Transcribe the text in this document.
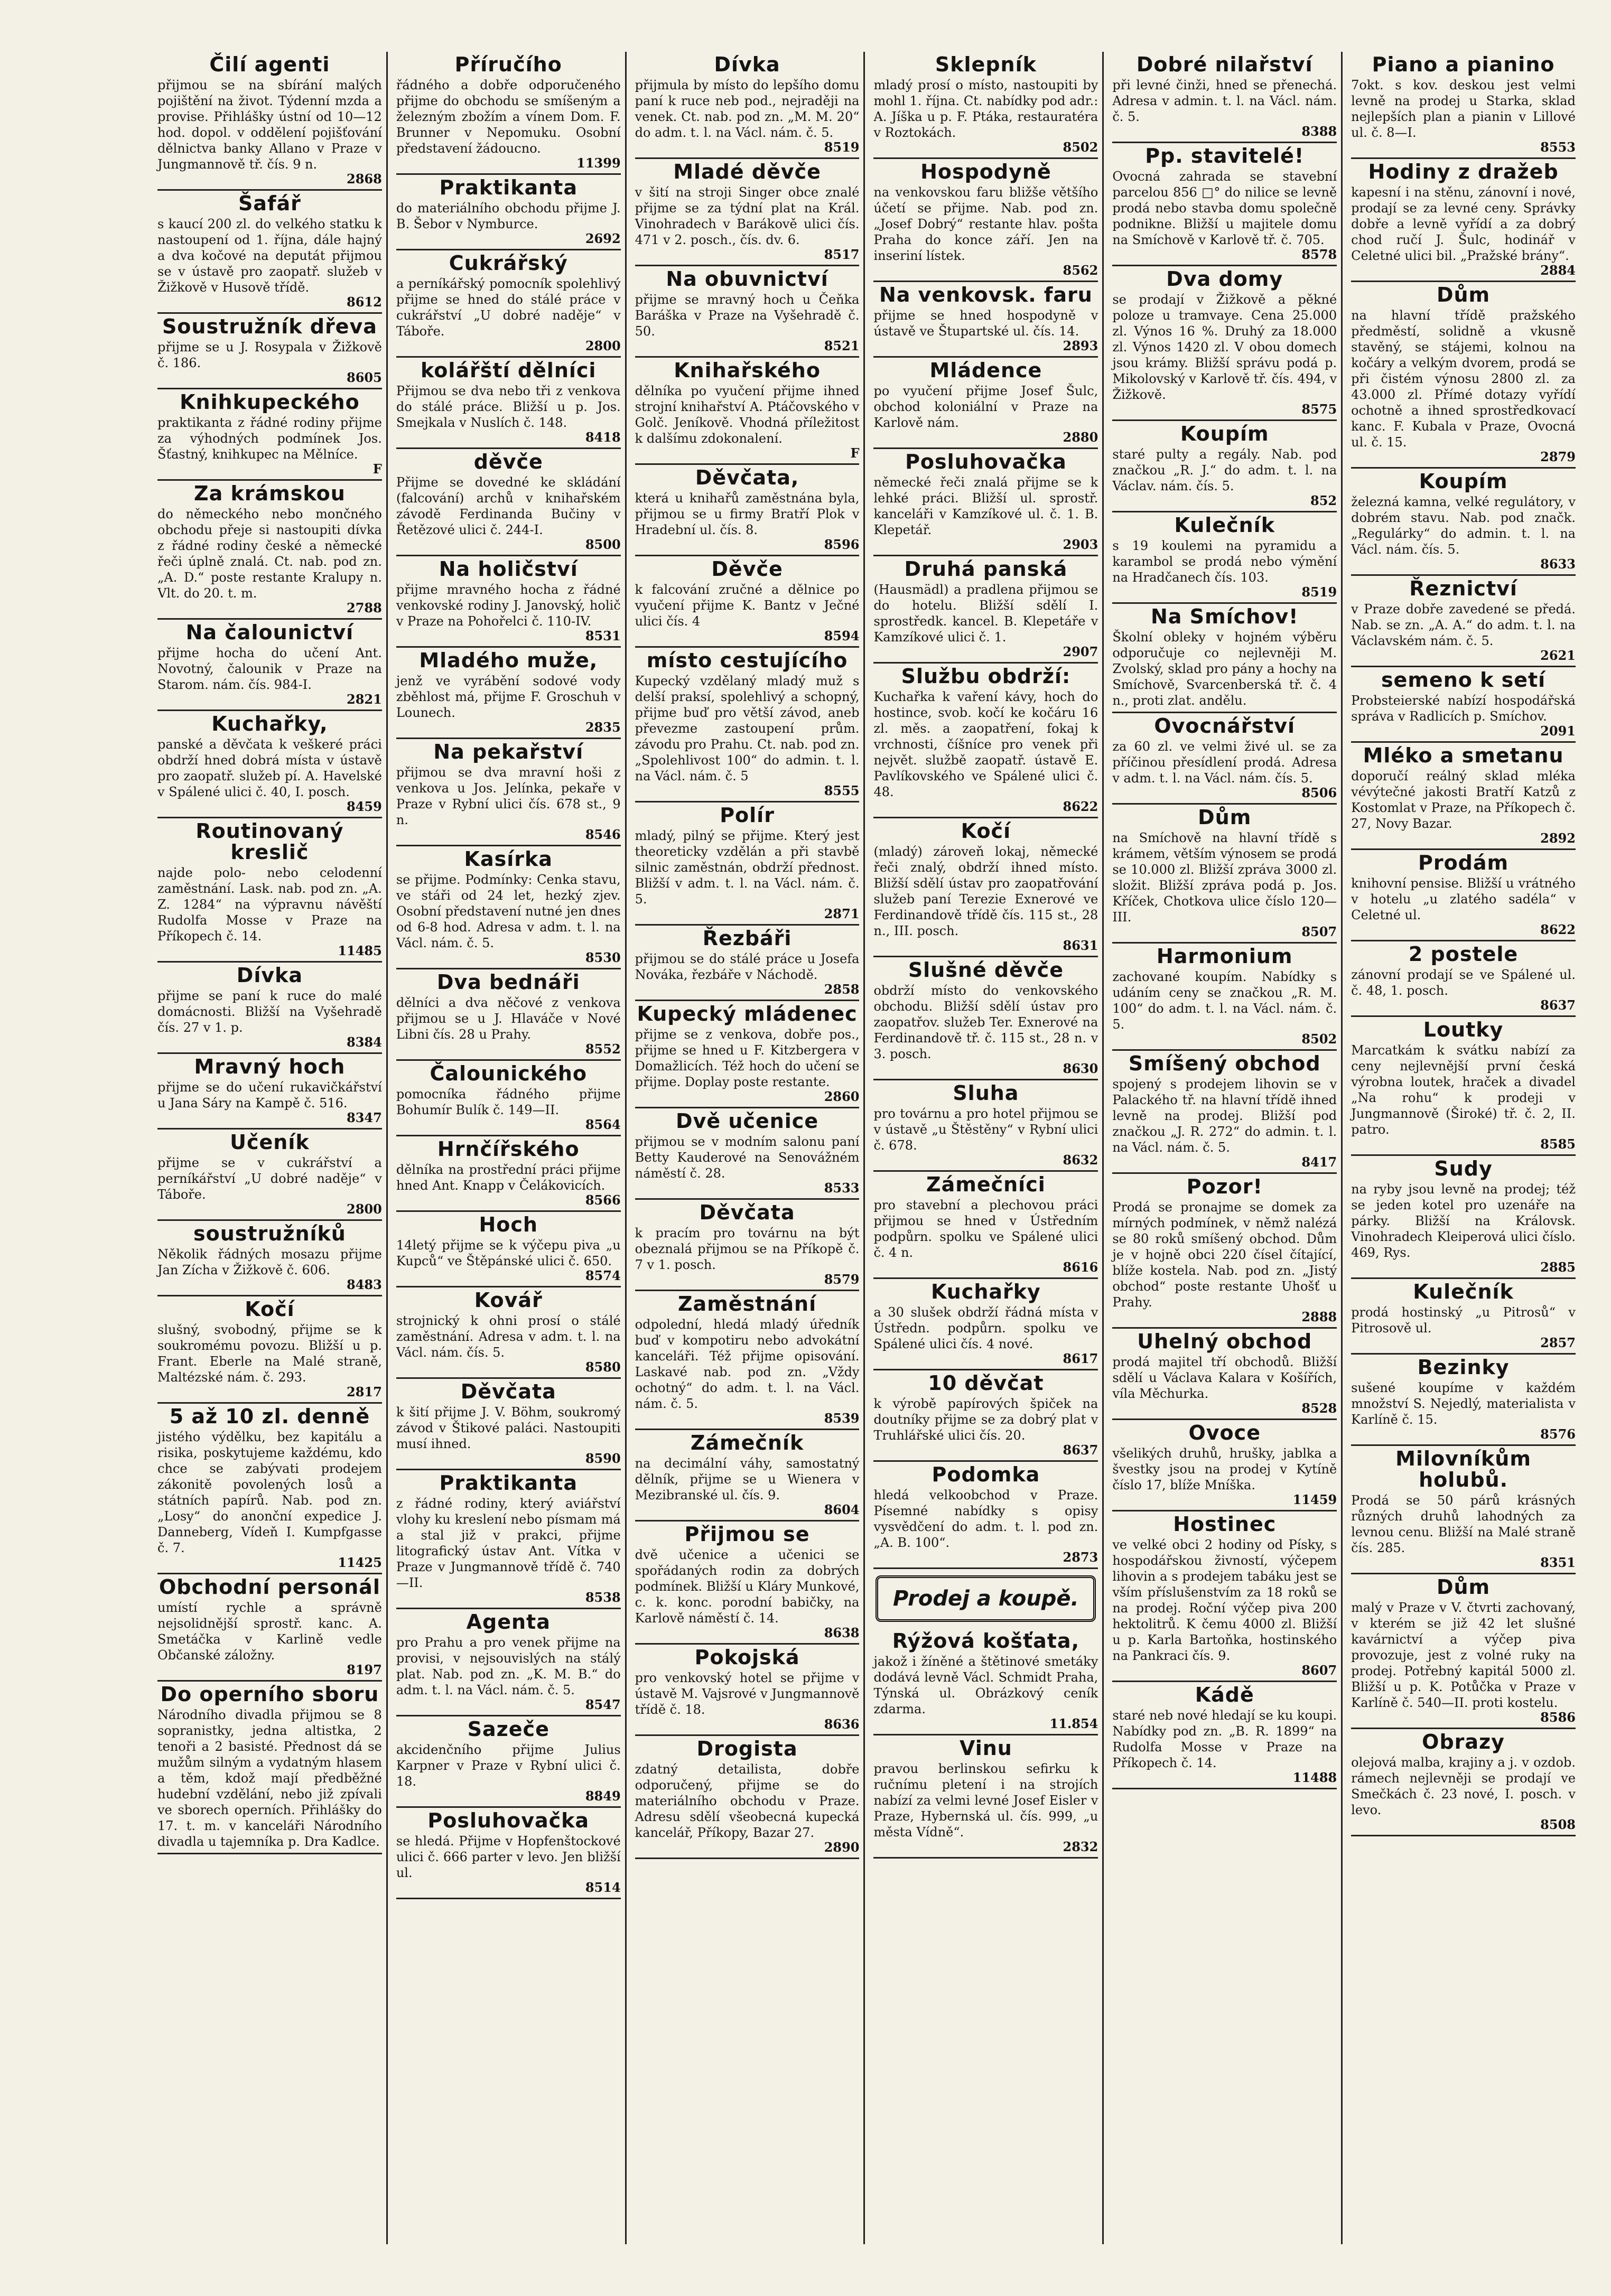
Čilí agenti

přijmou se na sbírání malých pojištění na život. Týdenní mzda a provise. Přihlášky ústní od 10—12 hod. dopol. v oddělení pojišťování dělnictva banky Allano v Praze v Jungmannově tř. čís. 9 n.

2868
Šafář

s kaucí 200 zl. do velkého statku k nastoupení od 1. října, dále hajný a dva kočové na deputát přijmou se v ústavě pro zaopatř. služeb v Žižkově v Husově třídě.

8612
Soustružník dřeva

přijme se u J. Rosypala v Žižkově č. 186.

8605
Knihkupeckého

praktikanta z řádné rodiny přijme za výhodných podmínek Jos. Šťastný, knihkupec na Mělníce.

F
Za krámskou

do německého nebo mončného obchodu přeje si nastoupiti dívka z řádné rodiny české a německé řeči úplně znalá. Ct. nab. pod zn. „A. D.“ poste restante Kralupy n. Vlt. do 20. t. m.

2788
Na čalounictví

přijme hocha do učení Ant. Novotný, čalounik v Praze na Starom. nám. čís. 984-I.

2821
Kuchařky,

panské a děvčata k veškeré práci obdrží hned dobrá místa v ústavě pro zaopatř. služeb pí. A. Havelské v Spálené ulici č. 40, I. posch.

8459
Routinovaný kreslič

najde polo- nebo celodenní zaměstnání. Lask. nab. pod zn. „A. Z. 1284“ na výpravnu návěští Rudolfa Mosse v Praze na Příkopech č. 14.

11485
Dívka

přijme se paní k ruce do malé domácnosti. Bližší na Vyšehradě čís. 27 v 1. p.

8384
Mravný hoch

přijme se do učení rukavičkářství u Jana Sáry na Kampě č. 516.

8347
Učeník

přijme se v cukrářství a perníkářství „U dobré naděje“ v Táboře.

2800
soustružníků

Několik řádných mosazu přijme Jan Zícha v Žižkově č. 606.

8483
Kočí

slušný, svobodný, přijme se k soukromému povozu. Bližší u p. Frant. Eberle na Malé straně, Maltézské nám. č. 293.

2817
5 až 10 zl. denně

jistého výdělku, bez kapitálu a risika, poskytujeme každému, kdo chce se zabývati prodejem zákonitě povolených losů a státních papírů. Nab. pod zn. „Losy“ do anonční expedice J. Danneberg, Vídeň I. Kumpfgasse č. 7.

11425
Obchodní personál

umístí rychle a správně nejsolidnější sprostř. kanc. A. Smetáčka v Karlině vedle Občanské záložny.

8197
Do operního sboru

Národního divadla přijmou se 8 sopranistky, jedna altistka, 2 tenoři a 2 basisté. Přednost dá se mužům silným a vydatným hlasem a těm, kdož mají předběžné hudební vzdělání, nebo již zpívali ve sborech operních. Přihlášky do 17. t. m. v kanceláři Národního divadla u tajemníka p. Dra Kadlce.

Příručího

řádného a dobře odporučeného přijme do obchodu se smíšeným a železným zbožím a vínem Dom. F. Brunner v Nepomuku. Osobní představení žádoucno.

11399
Praktikanta

do materiálního obchodu přijme J. B. Šebor v Nymburce.

2692
Cukrářský

a perníkářský pomocník spolehlivý přijme se hned do stálé práce v cukrářství „U dobré naděje“ v Táboře.

2800
kolářští dělníci

Přijmou se dva nebo tři z venkova do stálé práce. Bližší u p. Jos. Smejkala v Nuslích č. 148.

8418
děvče

Přijme se dovedné ke skládání (falcování) archů v knihařském závodě Ferdinanda Bučiny v Řetězové ulici č. 244-I.

8500
Na holičství

přijme mravného hocha z řádné venkovské rodiny J. Janovský, holič v Praze na Pohořelci č. 110-IV.

8531
Mladého muže,

jenž ve vyrábění sodové vody zběhlost má, přijme F. Groschuh v Lounech.

2835
Na pekařství

přijmou se dva mravní hoši z venkova u Jos. Jelínka, pekaře v Praze v Rybní ulici čís. 678 st., 9 n.

8546
Kasírka

se přijme. Podmínky: Cenka stavu, ve stáři od 24 let, hezký zjev. Osobní představení nutné jen dnes od 6-8 hod. Adresa v adm. t. l. na Václ. nám. č. 5.

8530
Dva bednáři

dělníci a dva něčové z venkova přijmou se u J. Hlaváče v Nové Libni čís. 28 u Prahy.

8552
Čalounického

pomocníka řádného přijme Bohumír Bulík č. 149—II.

8564
Hrnčířského

dělníka na prostřední práci přijme hned Ant. Knapp v Čelákovicích.

8566
Hoch

14letý přijme se k výčepu piva „u Kupců“ ve Štěpánské ulici č. 650.

8574
Kovář

strojnický k ohni prosí o stálé zaměstnání. Adresa v adm. t. l. na Václ. nám. čís. 5.

8580
Děvčata

k šití přijme J. V. Böhm, soukromý závod v Štikové paláci. Nastoupiti musí ihned.

8590
Praktikanta

z řádné rodiny, který aviářství vlohy ku kreslení nebo písmam má a stal již v prakci, přijme litografický ústav Ant. Vítka v Praze v Jungmannově třídě č. 740—II.

8538
Agenta

pro Prahu a pro venek přijme na provisi, v nejsouvislých na stálý plat. Nab. pod zn. „K. M. B.“ do adm. t. l. na Václ. nám. č. 5.

8547
Sazeče

akcidenčního přijme Julius Karpner v Praze v Rybní ulici č. 18.

8849
Posluhovačka

se hledá. Přijme v Hopfenštockové ulici č. 666 parter v levo. Jen bližší ul.

8514
Dívka

přijmula by místo do lepšího domu paní k ruce neb pod., nejraději na venek. Ct. nab. pod zn. „M. M. 20“ do adm. t. l. na Václ. nám. č. 5.

8519
Mladé děvče

v šití na stroji Singer obce znalé přijme se za týdní plat na Král. Vinohradech v Barákově ulici čís. 471 v 2. posch., čís. dv. 6.

8517
Na obuvnictví

přijme se mravný hoch u Čeňka Baráška v Praze na Vyšehradě č. 50.

8521
Knihařského

dělníka po vyučení přijme ihned strojní knihařství A. Ptáčovského v Golč. Jeníkově. Vhodná příležitost k dalšímu zdokonalení.

F
Děvčata,

která u knihařů zaměstnána byla, přijmou se u firmy Bratří Plok v Hradební ul. čís. 8.

8596
Děvče

k falcování zručné a dělnice po vyučení přijme K. Bantz v Ječné ulici čís. 4

8594
místo cestujícího

Kupecký vzdělaný mladý muž s delší praksí, spolehlivý a schopný, přijme buď pro větší závod, aneb převezme zastoupení prům. závodu pro Prahu. Ct. nab. pod zn. „Spolehlivost 100“ do admin. t. l. na Václ. nám. č. 5

8555
Polír

mladý, pilný se přijme. Který jest theoreticky vzdělán a při stavbě silnic zaměstnán, obdrží přednost. Bližší v adm. t. l. na Václ. nám. č. 5.

2871
Řezbáři

přijmou se do stálé práce u Josefa Nováka, řezbáře v Náchodě.

2858
Kupecký mládenec

přijme se z venkova, dobře pos., přijme se hned u F. Kitzbergera v Domažlicích. Též hoch do učení se přijme. Doplay poste restante.

2860
Dvě učenice

přijmou se v modním salonu paní Betty Kauderové na Senovážném náměstí č. 28.

8533
Děvčata

k pracím pro továrnu na být obeznalá přijmou se na Příkopě č. 7 v 1. posch.

8579
Zaměstnání

odpolední, hledá mladý úředník buď v kompotiru nebo advokátní kanceláři. Též přijme opisování. Laskavé nab. pod zn. „Vždy ochotný“ do adm. t. l. na Václ. nám. č. 5.

8539
Zámečník

na decimální váhy, samostatný dělník, přijme se u Wienera v Mezibranské ul. čís. 9.

8604
Přijmou se

dvě učenice a učenici se spořádaných rodin za dobrých podmínek. Bližší u Kláry Munkové, c. k. konc. porodní babičky, na Karlově náměstí č. 14.

8638
Pokojská

pro venkovský hotel se přijme v ústavě M. Vajsrové v Jungmannově třídě č. 18.

8636
Drogista

zdatný detailista, dobře odporučený, přijme se do materiálního obchodu v Praze. Adresu sdělí všeobecná kupecká kancelář, Příkopy, Bazar 27.

2890
Sklepník

mladý prosí o místo, nastoupiti by mohl 1. října. Ct. nabídky pod adr.: A. Jíška u p. F. Ptáka, restauratéra v Roztokách.

8502
Hospodyně

na venkovskou faru bližše většího účetí se přijme. Nab. pod zn. „Josef Dobrý“ restante hlav. pošta Praha do konce září. Jen na inseriní lístek.

8562
Na venkovsk. faru

přijme se hned hospodyně v ústavě ve Štupartské ul. čís. 14.

2893
Mládence

po vyučení přijme Josef Šulc, obchod koloniální v Praze na Karlově nám.

2880
Posluhovačka

německé řeči znalá přijme se k lehké práci. Bližší ul. sprostř. kanceláři v Kamzíkové ul. č. 1. B. Klepetář.

2903
Druhá panská

(Hausmädl) a pradlena přijmou se do hotelu. Bližší sdělí I. sprostředk. kancel. B. Klepetáře v Kamzíkové ulici č. 1.

2907
Službu obdrží:

Kuchařka k vaření kávy, hoch do hostince, svob. kočí ke kočáru 16 zl. měs. a zaopatření, fokaj k vrchnosti, číšníce pro venek při největ. službě zaopatř. ústavě E. Pavlíkovského ve Spálené ulici č. 48.

8622
Kočí

(mladý) zároveň lokaj, německé řeči znalý, obdrží ihned místo. Bližší sdělí ústav pro zaopatřování služeb paní Terezie Exnerové ve Ferdinandově třídě čís. 115 st., 28 n., III. posch.

8631
Slušné děvče

obdrží místo do venkovského obchodu. Bližší sdělí ústav pro zaopatřov. služeb Ter. Exnerové na Ferdinandově tř. č. 115 st., 28 n. v 3. posch.

8630
Sluha

pro továrnu a pro hotel přijmou se v ústavě „u Štěstěny“ v Rybní ulici č. 678.

8632
Zámečníci

pro stavební a plechovou práci přijmou se hned v Ústředním podpůrn. spolku ve Spálené ulici č. 4 n.

8616
Kuchařky

a 30 slušek obdrží řádná místa v Ústředn. podpůrn. spolku ve Spálené ulici čís. 4 nové.

8617
10 děvčat

k výrobě papírových špiček na doutníky přijme se za dobrý plat v Truhlářské ulici čís. 20.

8637
Podomka

hledá velkoobchod v Praze. Písemné nabídky s opisy vysvědčení do adm. t. l. pod zn. „A. B. 100“.

2873
Prodej a koupě.
Rýžová košťata,

jakož i žíněné a štětinové smetáky dodává levně Václ. Schmidt Praha, Týnská ul. Obrázkový ceník zdarma.

11.854
Vinu

pravou berlinskou sefirku k ručnímu pletení i na strojích nabízí za velmi levné Josef Eisler v Praze, Hybernská ul. čís. 999, „u města Vídně“.

2832
Dobré nilařství

při levné činži, hned se přenechá. Adresa v admin. t. l. na Václ. nám. č. 5.

8388
Pp. stavitelé!

Ovocná zahrada se stavební parcelou 856 □° do nilice se levně prodá nebo stavba domu společně podnikne. Bližší u majitele domu na Smíchově v Karlově tř. č. 705.

8578
Dva domy

se prodají v Žižkově a pěkné poloze u tramvaye. Cena 25.000 zl. Výnos 16 %. Druhý za 18.000 zl. Výnos 1420 zl. V obou domech jsou krámy. Bližší správu podá p. Mikolovský v Karlově tř. čís. 494, v Žižkově.

8575
Koupím

staré pulty a regály. Nab. pod značkou „R. J.“ do adm. t. l. na Václav. nám. čís. 5.

852
Kulečník

s 19 koulemi na pyramidu a karambol se prodá nebo výmění na Hradčanech čís. 103.

8519
Na Smíchov!

Školní obleky v hojném výběru odporučuje co nejlevněji M. Zvolský, sklad pro pány a hochy na Smíchově, Svarcenberská tř. č. 4 n., proti zlat. andělu.

Ovocnářství

za 60 zl. ve velmi živé ul. se za příčinou přesídlení prodá. Adresa v adm. t. l. na Václ. nám. čís. 5.

8506
Dům

na Smíchově na hlavní třídě s krámem, větším výnosem se prodá se 10.000 zl. Bližší zpráva 3000 zl. složit. Bližší zpráva podá p. Jos. Kříček, Chotkova ulice číslo 120—III.

8507
Harmonium

zachované koupím. Nabídky s udáním ceny se značkou „R. M. 100“ do adm. t. l. na Václ. nám. č. 5.

8502
Smíšený obchod

spojený s prodejem lihovin se v Palackého tř. na hlavní třídě ihned levně na prodej. Bližší pod značkou „J. R. 272“ do admin. t. l. na Václ. nám. č. 5.

8417
Pozor!

Prodá se pronajme se domek za mírných podmínek, v němž nalézá se 80 roků smíšený obchod. Dům je v hojně obci 220 čísel čítající, blíže kostela. Nab. pod zn. „Jistý obchod“ poste restante Uhošť u Prahy.

2888
Uhelný obchod

prodá majitel tří obchodů. Bližší sdělí u Václava Kalara v Košířích, víla Měchurka.

8528
Ovoce

všelikých druhů, hrušky, jablka a švestky jsou na prodej v Kytíně číslo 17, blíže Mníška.

11459
Hostinec

ve velké obci 2 hodiny od Písky, s hospodářskou živností, výčepem lihovin a s prodejem tabáku jest se vším příslušenstvím za 18 roků se na prodej. Roční výčep piva 200 hektolitrů. K čemu 4000 zl. Bližší u p. Karla Bartoňka, hostinského na Pankraci čís. 9.

8607
Kádě

staré neb nové hledají se ku koupi. Nabídky pod zn. „B. R. 1899“ na Rudolfa Mosse v Praze na Příkopech č. 14.

11488
Piano a pianino

7okt. s kov. deskou jest velmi levně na prodej u Starka, sklad nejlepších plan a pianin v Lillové ul. č. 8—I.

8553
Hodiny z dražeb

kapesní i na stěnu, zánovní i nové, prodají se za levné ceny. Správky dobře a levně vyřídí a za dobrý chod ručí J. Šulc, hodinář v Celetné ulici bil. „Pražské brány“.

2884
Dům

na hlavní třídě pražského předměstí, solidně a vkusně stavěný, se stájemi, kolnou na kočáry a velkým dvorem, prodá se při čistém výnosu 2800 zl. za 43.000 zl. Přímé dotazy vyřídí ochotně a ihned sprostředkovací kanc. F. Kubala v Praze, Ovocná ul. č. 15.

2879
Koupím

železná kamna, velké regulátory, v dobrém stavu. Nab. pod značk. „Regulárky“ do admin. t. l. na Václ. nám. čís. 5.

8633
Řeznictví

v Praze dobře zavedené se předá. Nab. se zn. „A. A.“ do adm. t. l. na Václavském nám. č. 5.

2621
semeno k setí

Probsteierské nabízí hospodářská správa v Radlicích p. Smíchov.

2091
Mléko a smetanu

doporučí reálný sklad mléka vévýtečné jakosti Bratří Katzů z Kostomlat v Praze, na Příkopech č. 27, Novy Bazar.

2892
Prodám

knihovní pensise. Bližší u vrátného v hotelu „u zlatého sadéla“ v Celetné ul.

8622
2 postele

zánovní prodají se ve Spálené ul. č. 48, 1. posch.

8637
Loutky

Marcatkám k svátku nabízí za ceny nejlevnější první česká výrobna loutek, hraček a divadel „Na rohu“ k prodeji v Jungmannově (Široké) tř. č. 2, II. patro.

8585
Sudy

na ryby jsou levně na prodej; též se jeden kotel pro uzenáře na párky. Bližší na Královsk. Vinohradech Kleiperová ulici číslo. 469, Rys.

2885
Kulečník

prodá hostinský „u Pitrosů“ v Pitrosově ul.

2857
Bezinky

sušené koupíme v každém množství S. Nejedlý, materialista v Karlíně č. 15.

8576
Milovníkům holubů.

Prodá se 50 párů krásných různých druhů lahodných za levnou cenu. Bližší na Malé straně čís. 285.

8351
Dům

malý v Praze v V. čtvrti zachovaný, v kterém se již 42 let slušné kavárnictví a výčep piva provozuje, jest z volné ruky na prodej. Potřebný kapitál 5000 zl. Bližší u p. K. Potůčka v Praze v Karlíně č. 540—II. proti kostelu.

8586
Obrazy

olejová malba, krajiny a j. v ozdob. rámech nejlevněji se prodají ve Smečkách č. 23 nové, I. posch. v levo.

8508
